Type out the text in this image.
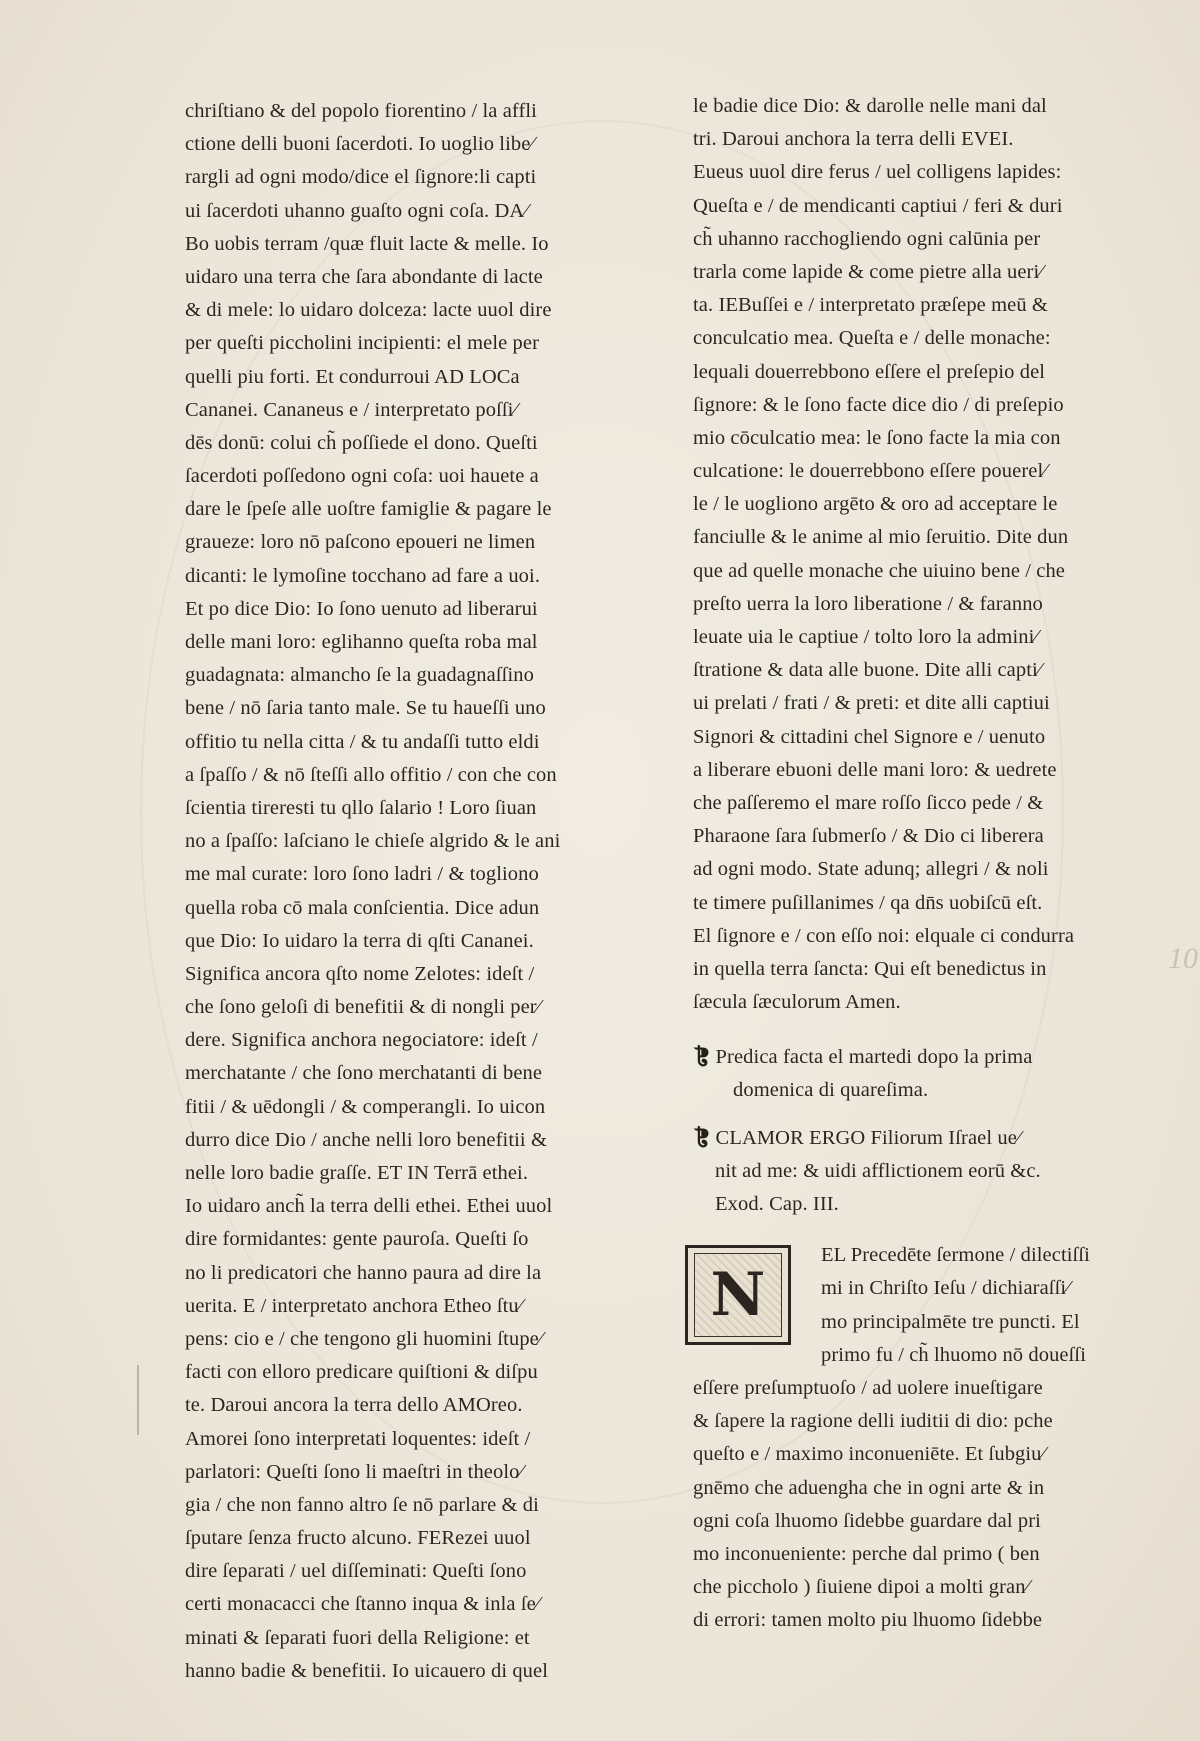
chriſtiano & del popolo fiorentino / la affli
ctione delli buoni ſacerdoti. Io uoglio libe⁄
rargli ad ogni modo/dice el ſignore:li capti
ui ſacerdoti uhanno guaſto ogni coſa. DA⁄
Bo uobis terram /quæ fluit lacte & melle. Io
uidaro una terra che ſara abondante di lacte
& di mele: lo uidaro dolceza: lacte uuol dire
per queſti piccholini incipienti: el mele per
quelli piu forti. Et condurroui AD LOCa
Cananei. Cananeus e / interpretato poſſi⁄
dēs donū: colui ch̃ poſſiede el dono. Queſti
ſacerdoti poſſedono ogni coſa: uoi hauete a
dare le ſpeſe alle uoſtre famiglie & pagare le
graueze: loro nō paſcono epoueri ne limen
dicanti: le lymoſine tocchano ad fare a uoi.
Et po dice Dio: Io ſono uenuto ad liberarui
delle mani loro: eglihanno queſta roba mal
guadagnata: almancho ſe la guadagnaſſino
bene / nō ſaria tanto male. Se tu haueſſi uno
offitio tu nella citta / & tu andaſſi tutto eldi
a ſpaſſo / & nō ſteſſi allo offitio / con che con
ſcientia tireresti tu qllo ſalario ! Loro ſiuan
no a ſpaſſo: laſciano le chieſe algrido & le ani
me mal curate: loro ſono ladri / & togliono
quella roba cō mala conſcientia. Dice adun
que Dio: Io uidaro la terra di qſti Cananei.
Significa ancora qſto nome Zelotes: ideſt /
che ſono geloſi di benefitii & di nongli per⁄
dere. Significa anchora negociatore: ideſt /
merchatante / che ſono merchatanti di bene
fitii / & uēdongli / & comperangli. Io uicon
durro dice Dio / anche nelli loro benefitii &
nelle loro badie graſſe. ET IN Terrā ethei.
Io uidaro anch̃ la terra delli ethei. Ethei uuol
dire formidantes: gente pauroſa. Queſti ſo
no li predicatori che hanno paura ad dire la
uerita. E / interpretato anchora Etheo ſtu⁄
pens: cio e / che tengono gli huomini ſtupe⁄
facti con elloro predicare quiſtioni & diſpu
te. Daroui ancora la terra dello AMOreo.
Amorei ſono interpretati loquentes: ideſt /
parlatori: Queſti ſono li maeſtri in theolo⁄
gia / che non fanno altro ſe nō parlare & di
ſputare ſenza fructo alcuno. FERezei uuol
dire ſeparati / uel diſſeminati: Queſti ſono
certi monacacci che ſtanno inqua & inla ſe⁄
minati & ſeparati fuori della Religione: et
hanno badie & benefitii. Io uicauero di quel
le badie dice Dio: & darolle nelle mani dal
tri. Daroui anchora la terra delli EVEI.
Eueus uuol dire ferus / uel colligens lapides:
Queſta e / de mendicanti captiui / feri & duri
ch̃ uhanno racchogliendo ogni calūnia per
trarla come lapide & come pietre alla ueri⁄
ta. IEBuſſei e / interpretato præſepe meū &
conculcatio mea. Queſta e / delle monache:
lequali douerrebbono eſſere el preſepio del
ſignore: & le ſono facte dice dio / di preſepio
mio cōculcatio mea: le ſono facte la mia con
culcatione: le douerrebbono eſſere pouerel⁄
le / le uogliono argēto & oro ad acceptare le
fanciulle & le anime al mio ſeruitio. Dite dun
que ad quelle monache che uiuino bene / che
preſto uerra la loro liberatione / & faranno
leuate uia le captiue / tolto loro la admini⁄
ſtratione & data alle buone. Dite alli capti⁄
ui prelati / frati / & preti: et dite alli captiui
Signori & cittadini chel Signore e / uenuto
a liberare ebuoni delle mani loro: & uedrete
che paſſeremo el mare roſſo ſicco pede / &
Pharaone ſara ſubmerſo / & Dio ci liberera
ad ogni modo. State adunq; allegri / & noli
te timere puſillanimes / qa dn̄s uobiſcū eſt.
El ſignore e / con eſſo noi: elquale ci condurra
in quella terra ſancta: Qui eſt benedictus in
ſæcula ſæculorum Amen.
❡ Predica facta el martedi dopo la prima
domenica di quareſima.
❡ CLAMOR ERGO Filiorum Iſrael ue⁄
nit ad me: & uidi afflictionem eorū &c.
Exod. Cap. III.
N
EL Precedēte ſermone / dilectiſſi
mi in Chriſto Ieſu / dichiaraſſi⁄
mo principalmēte tre puncti. El
primo fu / ch̃ lhuomo nō doueſſi
eſſere preſumptuoſo / ad uolere inueſtigare
& ſapere la ragione delli iuditii di dio: pche
queſto e / maximo inconueniēte. Et ſubgiu⁄
gnēmo che aduengha che in ogni arte & in
ogni coſa lhuomo ſidebbe guardare dal pri
mo inconueniente: perche dal primo ( ben
che piccholo ) ſiuiene dipoi a molti gran⁄
di errori: tamen molto piu lhuomo ſidebbe
10
